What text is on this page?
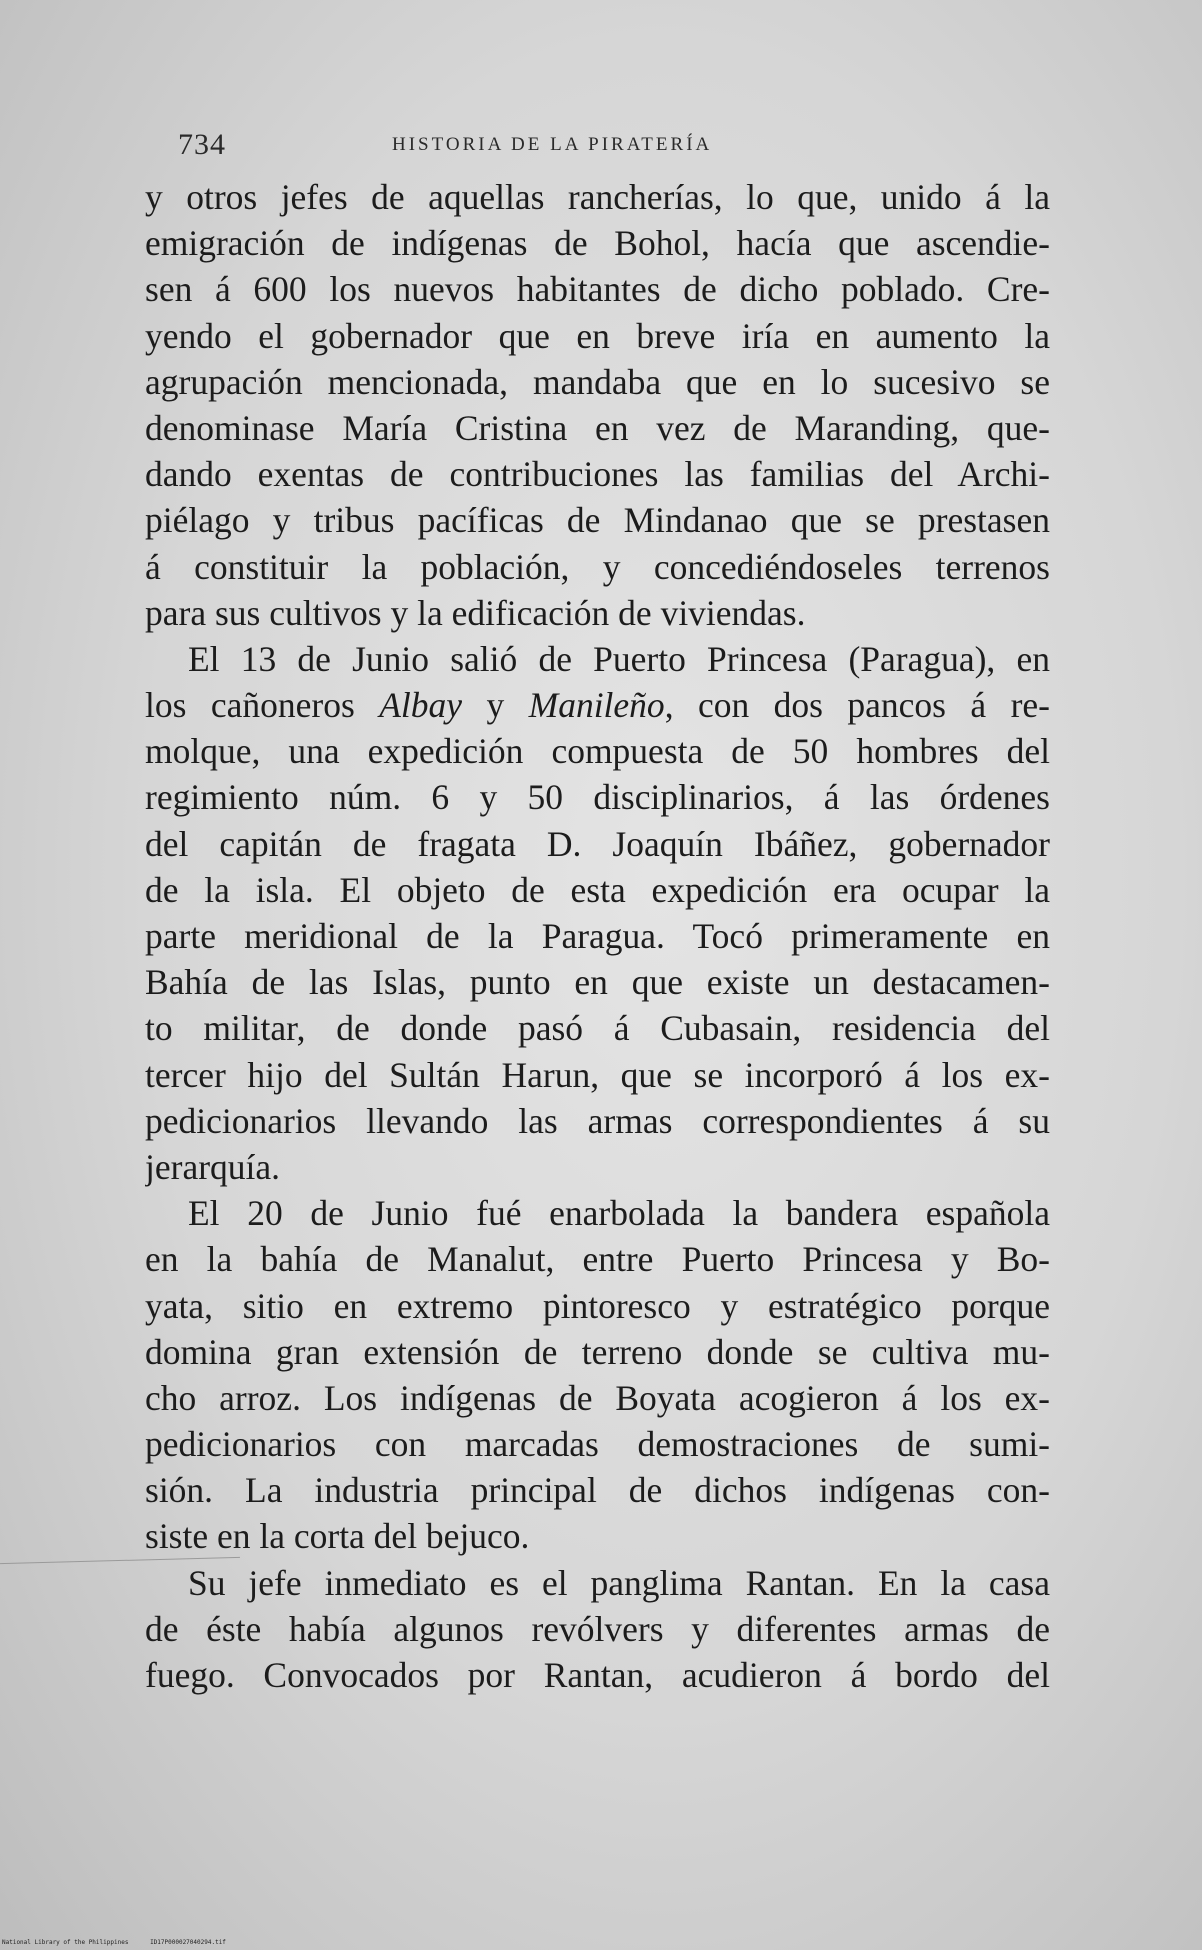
734	HISTORIA DE LA PIRATERÍA
y otros jefes de aquellas rancherías, lo que, unido á la
emigración de indígenas de Bohol, hacía que ascendie-
sen á 600 los nuevos habitantes de dicho poblado. Cre-
yendo el gobernador que en breve iría en aumento la
agrupación mencionada, mandaba que en lo sucesivo se
denominase María Cristina en vez de Maranding, que-
dando exentas de contribuciones las familias del Archi-
piélago y tribus pacíficas de Mindanao que se prestasen
á constituir la población, y concediéndoseles terrenos
para sus cultivos y la edificación de viviendas.
El 13 de Junio salió de Puerto Princesa (Paragua), en
los cañoneros Albay y Manileño, con dos pancos á re-
molque, una expedición compuesta de 50 hombres del
regimiento núm. 6 y 50 disciplinarios, á las órdenes
del capitán de fragata D. Joaquín Ibáñez, gobernador
de la isla. El objeto de esta expedición era ocupar la
parte meridional de la Paragua. Tocó primeramente en
Bahía de las Islas, punto en que existe un destacamen-
to militar, de donde pasó á Cubasain, residencia del
tercer hijo del Sultán Harun, que se incorporó á los ex-
pedicionarios llevando las armas correspondientes á su
jerarquía.
El 20 de Junio fué enarbolada la bandera española
en la bahía de Manalut, entre Puerto Princesa y Bo-
yata, sitio en extremo pintoresco y estratégico porque
domina gran extensión de terreno donde se cultiva mu-
cho arroz. Los indígenas de Boyata acogieron á los ex-
pedicionarios con marcadas demostraciones de sumi-
sión. La industria principal de dichos indígenas con-
siste en la corta del bejuco.
Su jefe inmediato es el panglima Rantan. En la casa
de éste había algunos revólvers y diferentes armas de
fuego. Convocados por Rantan, acudieron á bordo del
National Library of the Philippines	ID17P000027040294.tif
